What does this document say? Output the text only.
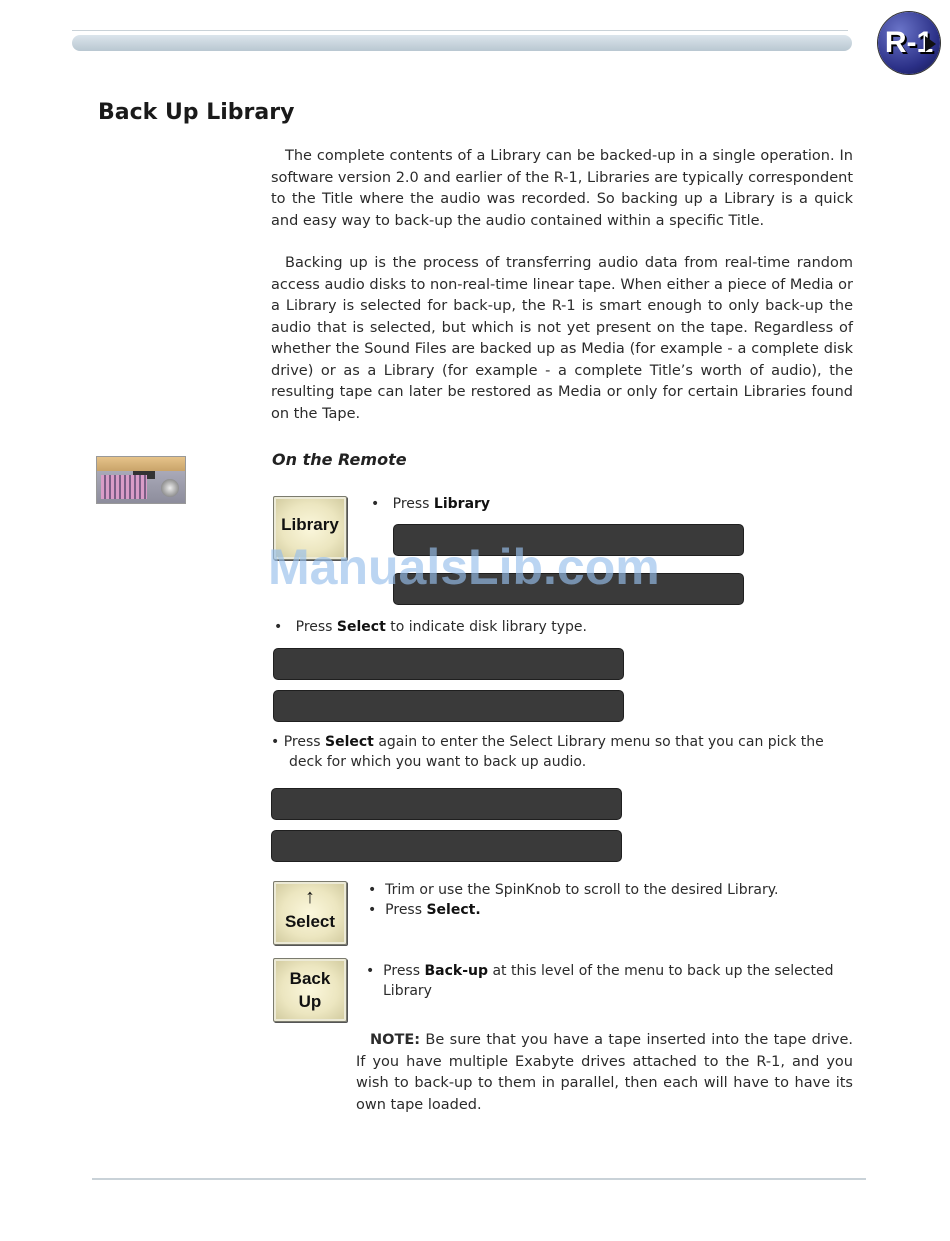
R-1
Back Up Library

The complete contents of a Library can be backed-up in a single operation. In software version 2.0 and earlier of the R-1, Libraries are typically correspondent to the Title where the audio was recorded. So backing up a Library is a quick and easy way to back-up the audio contained within a specific Title.

Backing up is the process of transferring audio data from real-time random access audio disks to non-real-time linear tape. When either a piece of Media or a Library is selected for back-up, the R-1 is smart enough to only back-up the audio that is selected, but which is not yet present on the tape. Regardless of whether the Sound Files are backed up as Media (for example - a complete disk drive) or as a Library (for example - a complete Title’s worth of audio), the resulting tape can later be restored as Media or only for certain Libraries found on the Tape.

On the Remote

Library

• Press Library

• Press Select to indicate disk library type.

• Press Select again to enter the Select Library menu so that you can pick the
deck for which you want to back up audio.

↑
Select

• Trim or use the SpinKnob to scroll to the desired Library.
• Press Select.

Back
Up

• Press Back-up at this level of the menu to back up the selected
Library

NOTE: Be sure that you have a tape inserted into the tape drive. If you have multiple Exabyte drives attached to the R-1, and you wish to back-up to them in parallel, then each will have to have its own tape loaded.

ManualsLib.com
